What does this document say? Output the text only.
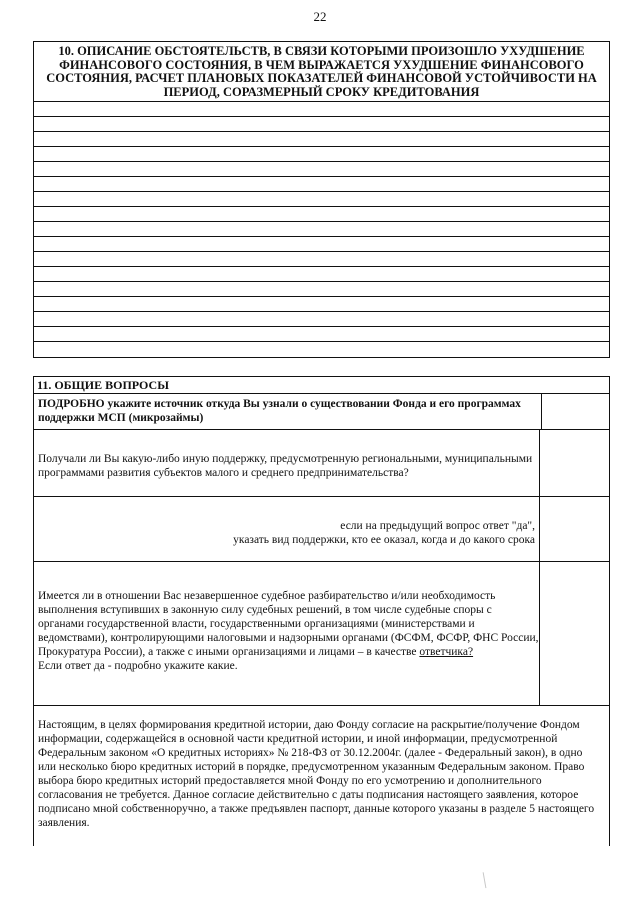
22
10. ОПИСАНИЕ ОБСТОЯТЕЛЬСТВ, В СВЯЗИ КОТОРЫМИ ПРОИЗОШЛО УХУДШЕНИЕ ФИНАНСОВОГО СОСТОЯНИЯ, В ЧЕМ ВЫРАЖАЕТСЯ УХУДШЕНИЕ ФИНАНСОВОГО СОСТОЯНИЯ, РАСЧЕТ ПЛАНОВЫХ ПОКАЗАТЕЛЕЙ ФИНАНСОВОЙ УСТОЙЧИВОСТИ НА ПЕРИОД, СОРАЗМЕРНЫЙ СРОКУ КРЕДИТОВАНИЯ
11. ОБЩИЕ ВОПРОСЫ
ПОДРОБНО укажите источник откуда Вы узнали о существовании Фонда и его программах поддержки МСП (микрозаймы)
Получали ли Вы какую-либо иную поддержку, предусмотренную региональными, муниципальными программами развития субъектов малого и среднего предпринимательства?
если на предыдущий вопрос ответ "да",
указать вид поддержки, кто ее оказал, когда и до какого срока
Имеется ли в отношении Вас незавершенное судебное разбирательство и/или необходимость выполнения вступивших в законную силу судебных решений, в том числе судебные споры с органами государственной власти, государственными организациями (министерствами и ведомствами), контролирующими налоговыми и надзорными органами (ФСФМ, ФСФР, ФНС России, Прокуратура России), а также с иными организациями и лицами – в качестве ответчика?
Если ответ да - подробно укажите какие.
Настоящим, в целях формирования кредитной истории, даю Фонду согласие на раскрытие/получение Фондом информации, содержащейся в основной части кредитной истории, и иной информации, предусмотренной Федеральным законом «О кредитных историях» № 218-ФЗ от 30.12.2004г. (далее - Федеральный закон), в одно или несколько бюро кредитных историй в порядке, предусмотренном указанным Федеральным законом. Право выбора бюро кредитных историй предоставляется мной Фонду по его усмотрению и дополнительного согласования не требуется. Данное согласие действительно с даты подписания настоящего заявления, которое подписано мной собственноручно, а также предъявлен паспорт, данные которого указаны в разделе 5 настоящего заявления.
